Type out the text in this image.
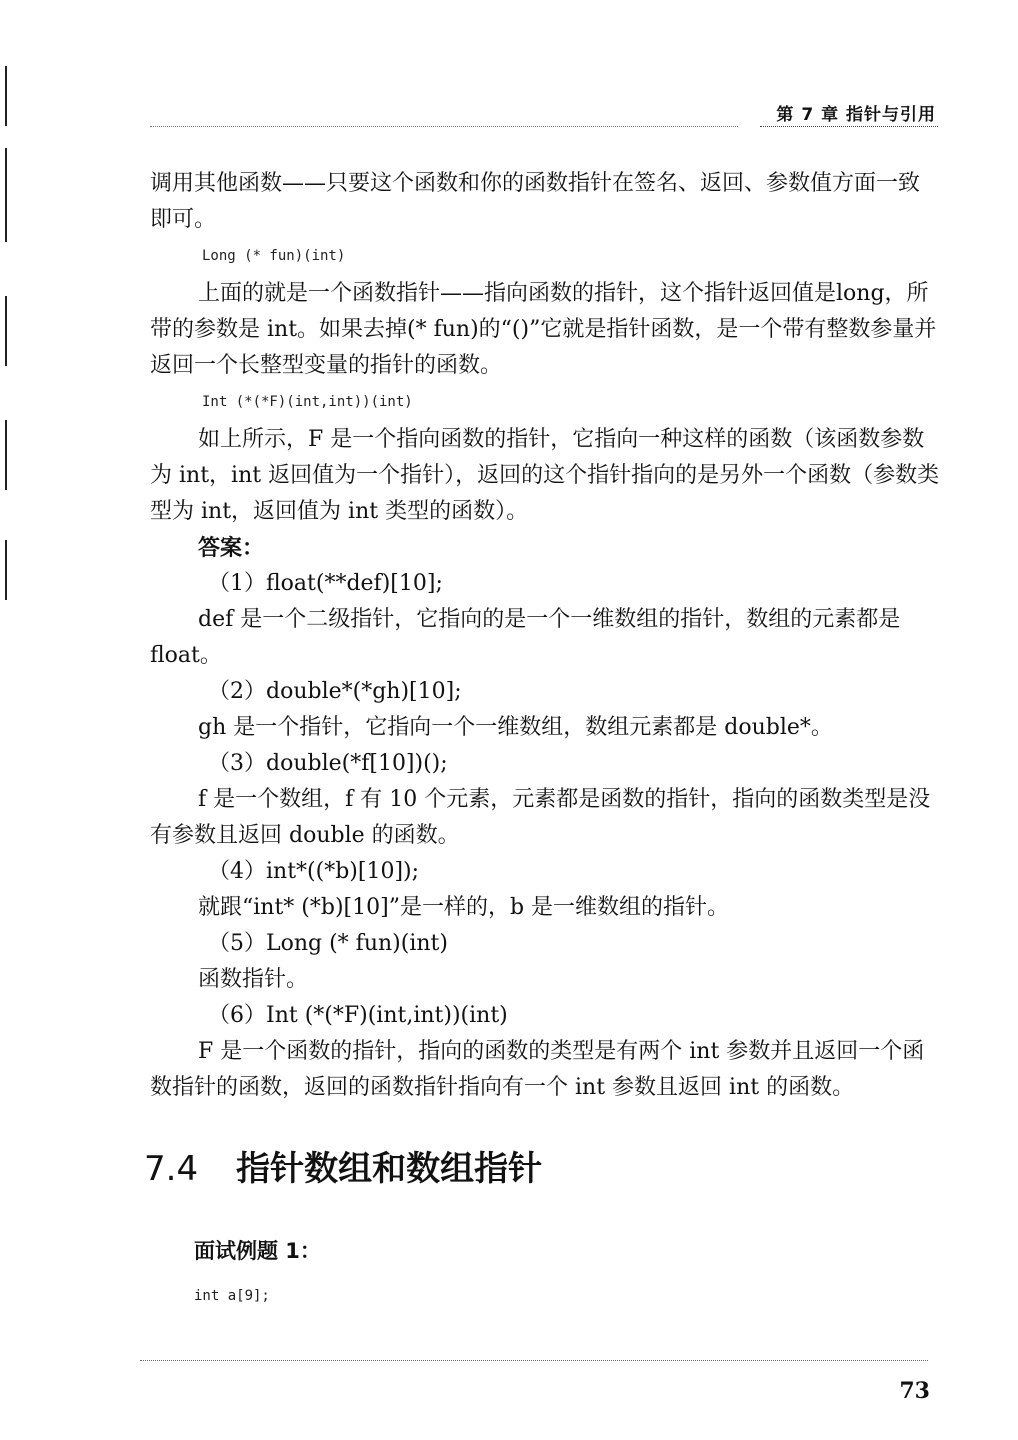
第 7 章 指针与引用

调用其他函数——只要这个函数和你的函数指针在签名、返回、参数值方面一致即可。

Long (* fun)(int)

上面的就是一个函数指针——指向函数的指针，这个指针返回值是long，所带的参数是 int。如果去掉(* fun)的“()”它就是指针函数，是一个带有整数参量并返回一个长整型变量的指针的函数。

Int (*(*F)(int,int))(int)

如上所示，F 是一个指向函数的指针，它指向一种这样的函数（该函数参数为 int，int 返回值为一个指针），返回的这个指针指向的是另外一个函数（参数类型为 int，返回值为 int 类型的函数）。

答案：

（1）float(**def)[10];

def 是一个二级指针，它指向的是一个一维数组的指针，数组的元素都是 float。

（2）double*(*gh)[10];

gh 是一个指针，它指向一个一维数组，数组元素都是 double*。

（3）double(*f[10])();

f 是一个数组，f 有 10 个元素，元素都是函数的指针，指向的函数类型是没有参数且返回 double 的函数。

（4）int*((*b)[10]);

就跟“int* (*b)[10]”是一样的，b 是一维数组的指针。

（5）Long (* fun)(int)

函数指针。

（6）Int (*(*F)(int,int))(int)

F 是一个函数的指针，指向的函数的类型是有两个 int 参数并且返回一个函数指针的函数，返回的函数指针指向有一个 int 参数且返回 int 的函数。

7.4 指针数组和数组指针
面试例题 1：
int a[9];
73
